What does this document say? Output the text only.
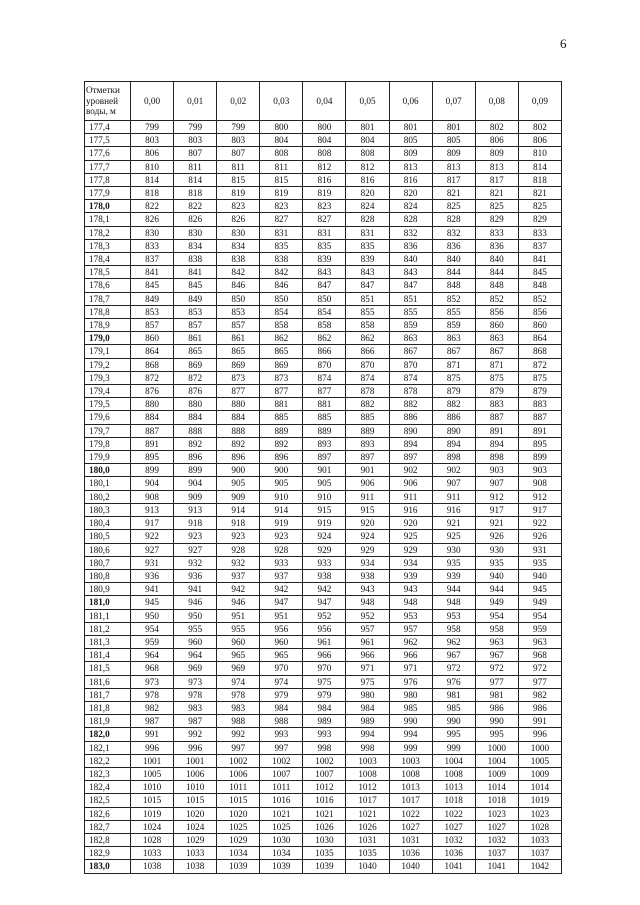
6
Отметки уровней воды, м	0,00	0,01	0,02	0,03	0,04	0,05	0,06	0,07	0,08	0,09
177,4	799	799	799	800	800	801	801	801	802	802
177,5	803	803	803	804	804	804	805	805	806	806
177,6	806	807	807	808	808	808	809	809	809	810
177,7	810	811	811	811	812	812	813	813	813	814
177,8	814	814	815	815	816	816	816	817	817	818
177,9	818	818	819	819	819	820	820	821	821	821
178,0	822	822	823	823	823	824	824	825	825	825
178,1	826	826	826	827	827	828	828	828	829	829
178,2	830	830	830	831	831	831	832	832	833	833
178,3	833	834	834	835	835	835	836	836	836	837
178,4	837	838	838	838	839	839	840	840	840	841
178,5	841	841	842	842	843	843	843	844	844	845
178,6	845	845	846	846	847	847	847	848	848	848
178,7	849	849	850	850	850	851	851	852	852	852
178,8	853	853	853	854	854	855	855	855	856	856
178,9	857	857	857	858	858	858	859	859	860	860
179,0	860	861	861	862	862	862	863	863	863	864
179,1	864	865	865	865	866	866	867	867	867	868
179,2	868	869	869	869	870	870	870	871	871	872
179,3	872	872	873	873	874	874	874	875	875	875
179,4	876	876	877	877	877	878	878	879	879	879
179,5	880	880	880	881	881	882	882	882	883	883
179,6	884	884	884	885	885	885	886	886	887	887
179,7	887	888	888	889	889	889	890	890	891	891
179,8	891	892	892	892	893	893	894	894	894	895
179,9	895	896	896	896	897	897	897	898	898	899
180,0	899	899	900	900	901	901	902	902	903	903
180,1	904	904	905	905	905	906	906	907	907	908
180,2	908	909	909	910	910	911	911	911	912	912
180,3	913	913	914	914	915	915	916	916	917	917
180,4	917	918	918	919	919	920	920	921	921	922
180,5	922	923	923	923	924	924	925	925	926	926
180,6	927	927	928	928	929	929	929	930	930	931
180,7	931	932	932	933	933	934	934	935	935	935
180,8	936	936	937	937	938	938	939	939	940	940
180,9	941	941	942	942	942	943	943	944	944	945
181,0	945	946	946	947	947	948	948	948	949	949
181,1	950	950	951	951	952	952	953	953	954	954
181,2	954	955	955	956	956	957	957	958	958	959
181,3	959	960	960	960	961	961	962	962	963	963
181,4	964	964	965	965	966	966	966	967	967	968
181,5	968	969	969	970	970	971	971	972	972	972
181,6	973	973	974	974	975	975	976	976	977	977
181,7	978	978	978	979	979	980	980	981	981	982
181,8	982	983	983	984	984	984	985	985	986	986
181,9	987	987	988	988	989	989	990	990	990	991
182,0	991	992	992	993	993	994	994	995	995	996
182,1	996	996	997	997	998	998	999	999	1000	1000
182,2	1001	1001	1002	1002	1002	1003	1003	1004	1004	1005
182,3	1005	1006	1006	1007	1007	1008	1008	1008	1009	1009
182,4	1010	1010	1011	1011	1012	1012	1013	1013	1014	1014
182,5	1015	1015	1015	1016	1016	1017	1017	1018	1018	1019
182,6	1019	1020	1020	1021	1021	1021	1022	1022	1023	1023
182,7	1024	1024	1025	1025	1026	1026	1027	1027	1027	1028
182,8	1028	1029	1029	1030	1030	1031	1031	1032	1032	1033
182,9	1033	1033	1034	1034	1035	1035	1036	1036	1037	1037
183,0	1038	1038	1039	1039	1039	1040	1040	1041	1041	1042
